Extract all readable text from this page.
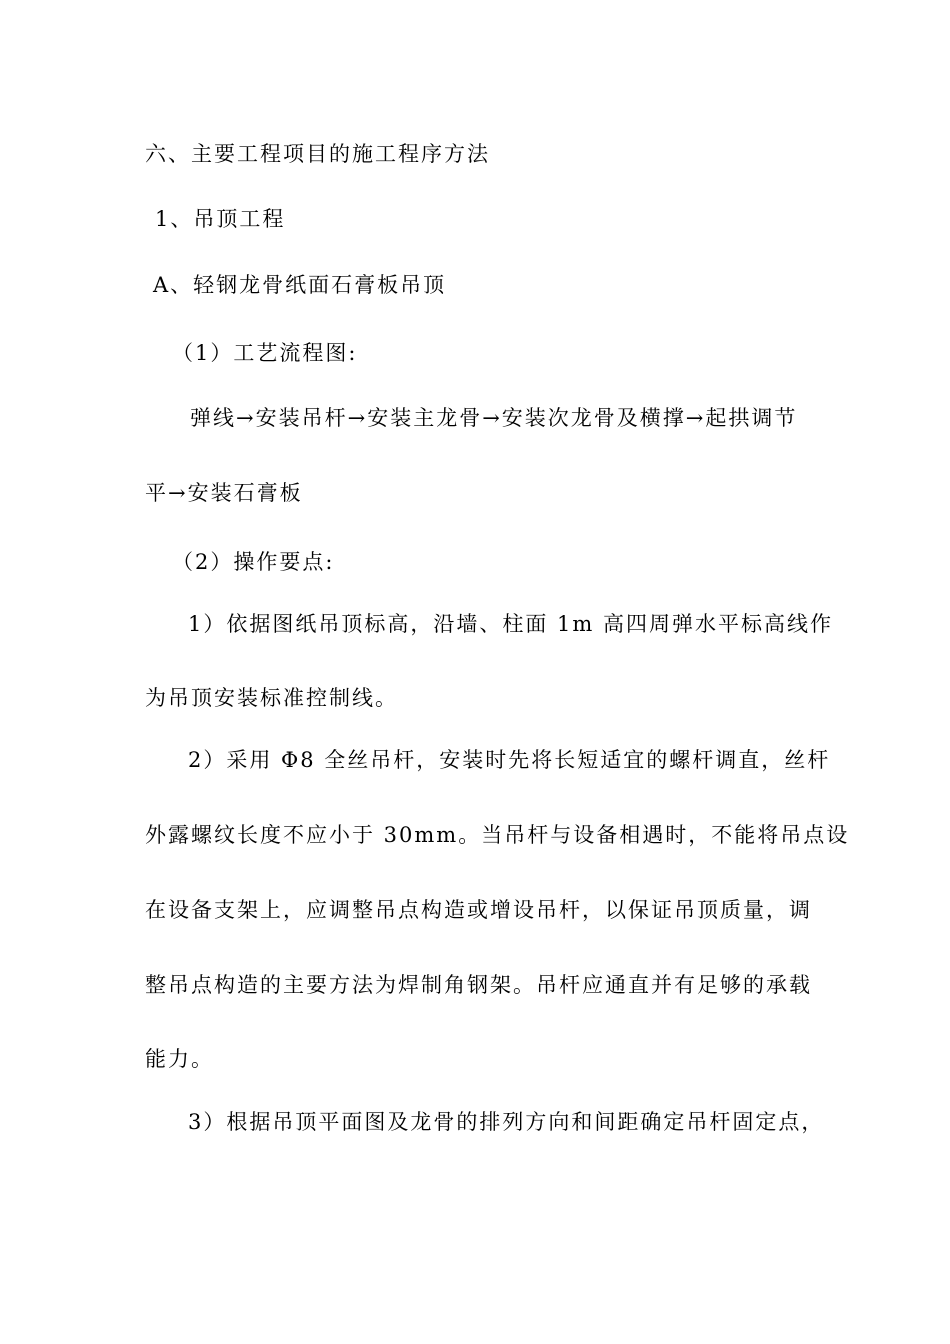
六、主要工程项目的施工程序方法
1、吊顶工程
A、轻钢龙骨纸面石膏板吊顶
（1）工艺流程图:
弹线→安装吊杆→安装主龙骨→安装次龙骨及横撑→起拱调节
平→安装石膏板
（2）操作要点:
1）依据图纸吊顶标高，沿墙、柱面 1m 高四周弹水平标高线作
为吊顶安装标准控制线。
2）采用 Φ8 全丝吊杆，安装时先将长短适宜的螺杆调直，丝杆
外露螺纹长度不应小于 30mm。当吊杆与设备相遇时，不能将吊点设
在设备支架上，应调整吊点构造或增设吊杆，以保证吊顶质量，调
整吊点构造的主要方法为焊制角钢架。吊杆应通直并有足够的承载
能力。
3）根据吊顶平面图及龙骨的排列方向和间距确定吊杆固定点，
